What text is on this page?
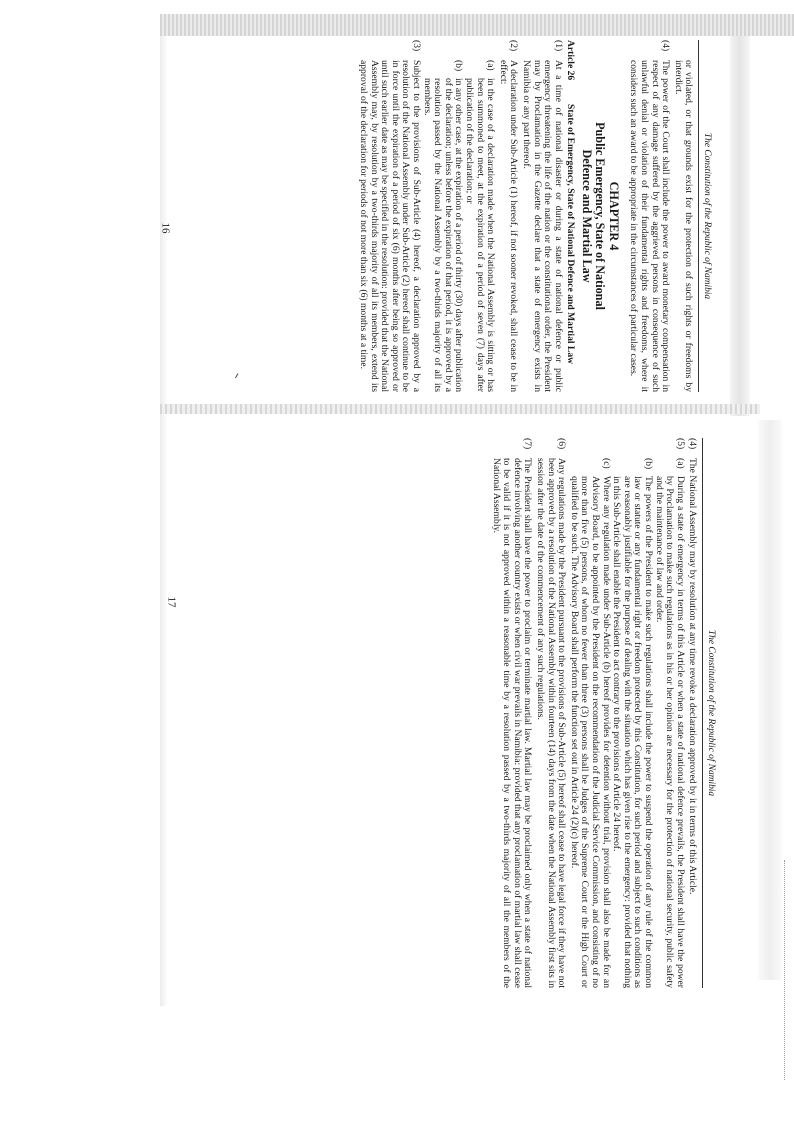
The Constitution of the Republic of Namibia
or violated, or that grounds exist for the protection of such rights or freedoms by interdict.
(4)
The power of the Court shall include the power to award monetary compensation in respect of any damage suffered by the aggrieved persons in consequence of such unlawful denial or violation of their fundamental rights and freedoms, where it considers such an award to be appropriate in the circumstances of particular cases.
CHAPTER 4
Public Emergency, State of National
Defence and Martial Law
Article 26
State of Emergency, State of National Defence and Martial Law
(1)
At a time of national disaster or during a state of national defence or public emergency threatening the life of the nation or the constitutional order, the President may by Proclamation in the Gazette declare that a state of emergency exists in Namibia or any part thereof.
(2)
A declaration under Sub-Article (1) hereof, if not sooner revoked, shall cease to be in effect:
(a)
in the case of a declaration made when the National Assembly is sitting or has been summoned to meet, at the expiration of a period of seven (7) days after publication of the declaration; or
(b)
in any other case, at the expiration of a period of thirty (30) days after publication of the declaration; unless before the expiration of that period, it is approved by a resolution passed by the National Assembly by a two-thirds majority of all its members.
(3)
Subject to the provisions of Sub-Article (4) hereof, a declaration approved by a resolution of the National Assembly under Sub-Article (2) hereof shall continue to be in force until the expiration of a period of six (6) months after being so approved or until such earlier date as may be specified in the resolution: provided that the National Assembly may, by resolution by a two-thirds majority of all its members, extend its approval of the declaration for periods of not more than six (6) months at a time.
16
The Constitution of the Republic of Namibia
(4)
The National Assembly may by resolution at any time revoke a declaration approved by it in terms of this Article.
(5)
(a)
During a state of emergency in terms of this Article or when a state of national defence prevails, the President shall have the power by Proclamation to make such regulations as in his or her opinion are necessary for the protection of national security, public safety and the maintenance of law and order.
(b)
The powers of the President to make such regulations shall include the power to suspend the operation of any rule of the common law or statute or any fundamental right or freedom protected by this Constitution, for such period and subject to such conditions as are reasonably justifiable for the purpose of dealing with the situation which has given rise to the emergency: provided that nothing in this Sub-Article shall enable the President to act contrary to the provisions of Article 24 hereof.
(c)
Where any regulation made under Sub-Article (b) hereof provides for detention without trial, provision shall also be made for an Advisory Board, to be appointed by the President on the recommendation of the Judicial Service Commission, and consisting of no more than five (5) persons, of whom no fewer than three (3) persons shall be Judges of the Supreme Court or the High Court or qualified to be such. The Advisory Board shall perform the function set out in Article 24 (2)(c) hereof.
(6)
Any regulations made by the President pursuant to the provisions of Sub-Article (5) hereof shall cease to have legal force if they have not been approved by a resolution of the National Assembly within fourteen (14) days from the date when the National Assembly first sits in session after the date of the commencement of any such regulations.
(7)
The President shall have the power to proclaim or terminate martial law. Martial law may be proclaimed only when a state of national defence involving another country exists or when civil war prevails in Namibia: provided that any proclamation of martial law shall cease to be valid if it is not approved within a reasonable time by a resolution passed by a two-thirds majority of all the members of the National Assembly.
17
